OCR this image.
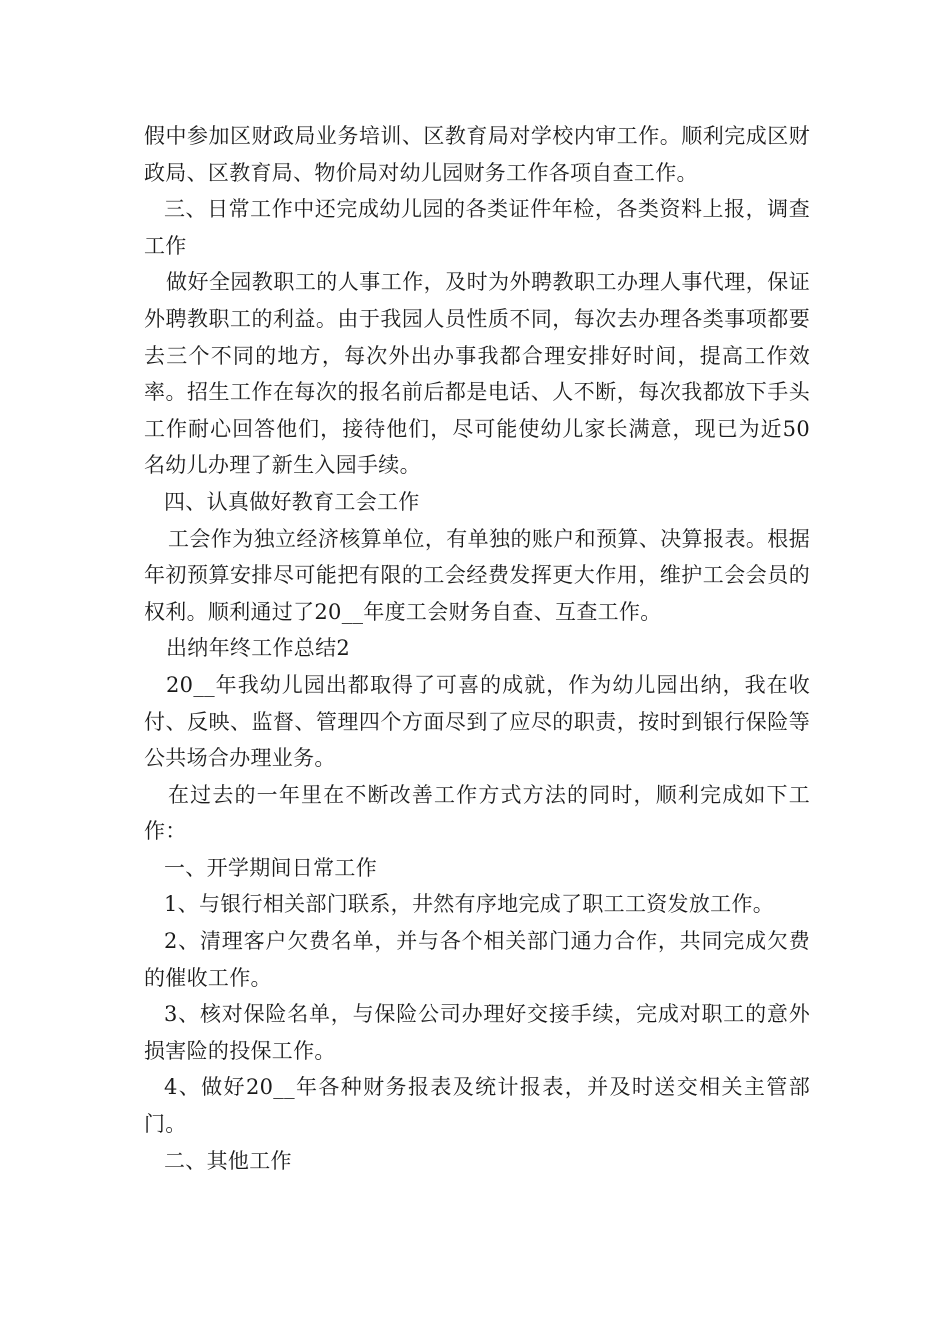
假中参加区财政局业务培训、区教育局对学校内审工作。顺利完成区财政局、区教育局、物价局对幼儿园财务工作各项自查工作。

三、日常工作中还完成幼儿园的各类证件年检，各类资料上报，调查工作

做好全园教职工的人事工作，及时为外聘教职工办理人事代理，保证外聘教职工的利益。由于我园人员性质不同，每次去办理各类事项都要去三个不同的地方，每次外出办事我都合理安排好时间，提高工作效率。招生工作在每次的报名前后都是电话、人不断，每次我都放下手头工作耐心回答他们，接待他们，尽可能使幼儿家长满意，现已为近50名幼儿办理了新生入园手续。

四、认真做好教育工会工作

工会作为独立经济核算单位，有单独的账户和预算、决算报表。根据年初预算安排尽可能把有限的工会经费发挥更大作用，维护工会会员的权利。顺利通过了20__年度工会财务自查、互查工作。

出纳年终工作总结2

20__年我幼儿园出都取得了可喜的成就，作为幼儿园出纳，我在收付、反映、监督、管理四个方面尽到了应尽的职责，按时到银行保险等公共场合办理业务。

在过去的一年里在不断改善工作方式方法的同时，顺利完成如下工作：

一、开学期间日常工作

1、与银行相关部门联系，井然有序地完成了职工工资发放工作。

2、清理客户欠费名单，并与各个相关部门通力合作，共同完成欠费的催收工作。

3、核对保险名单，与保险公司办理好交接手续，完成对职工的意外损害险的投保工作。

4、做好20__年各种财务报表及统计报表，并及时送交相关主管部门。

二、其他工作
